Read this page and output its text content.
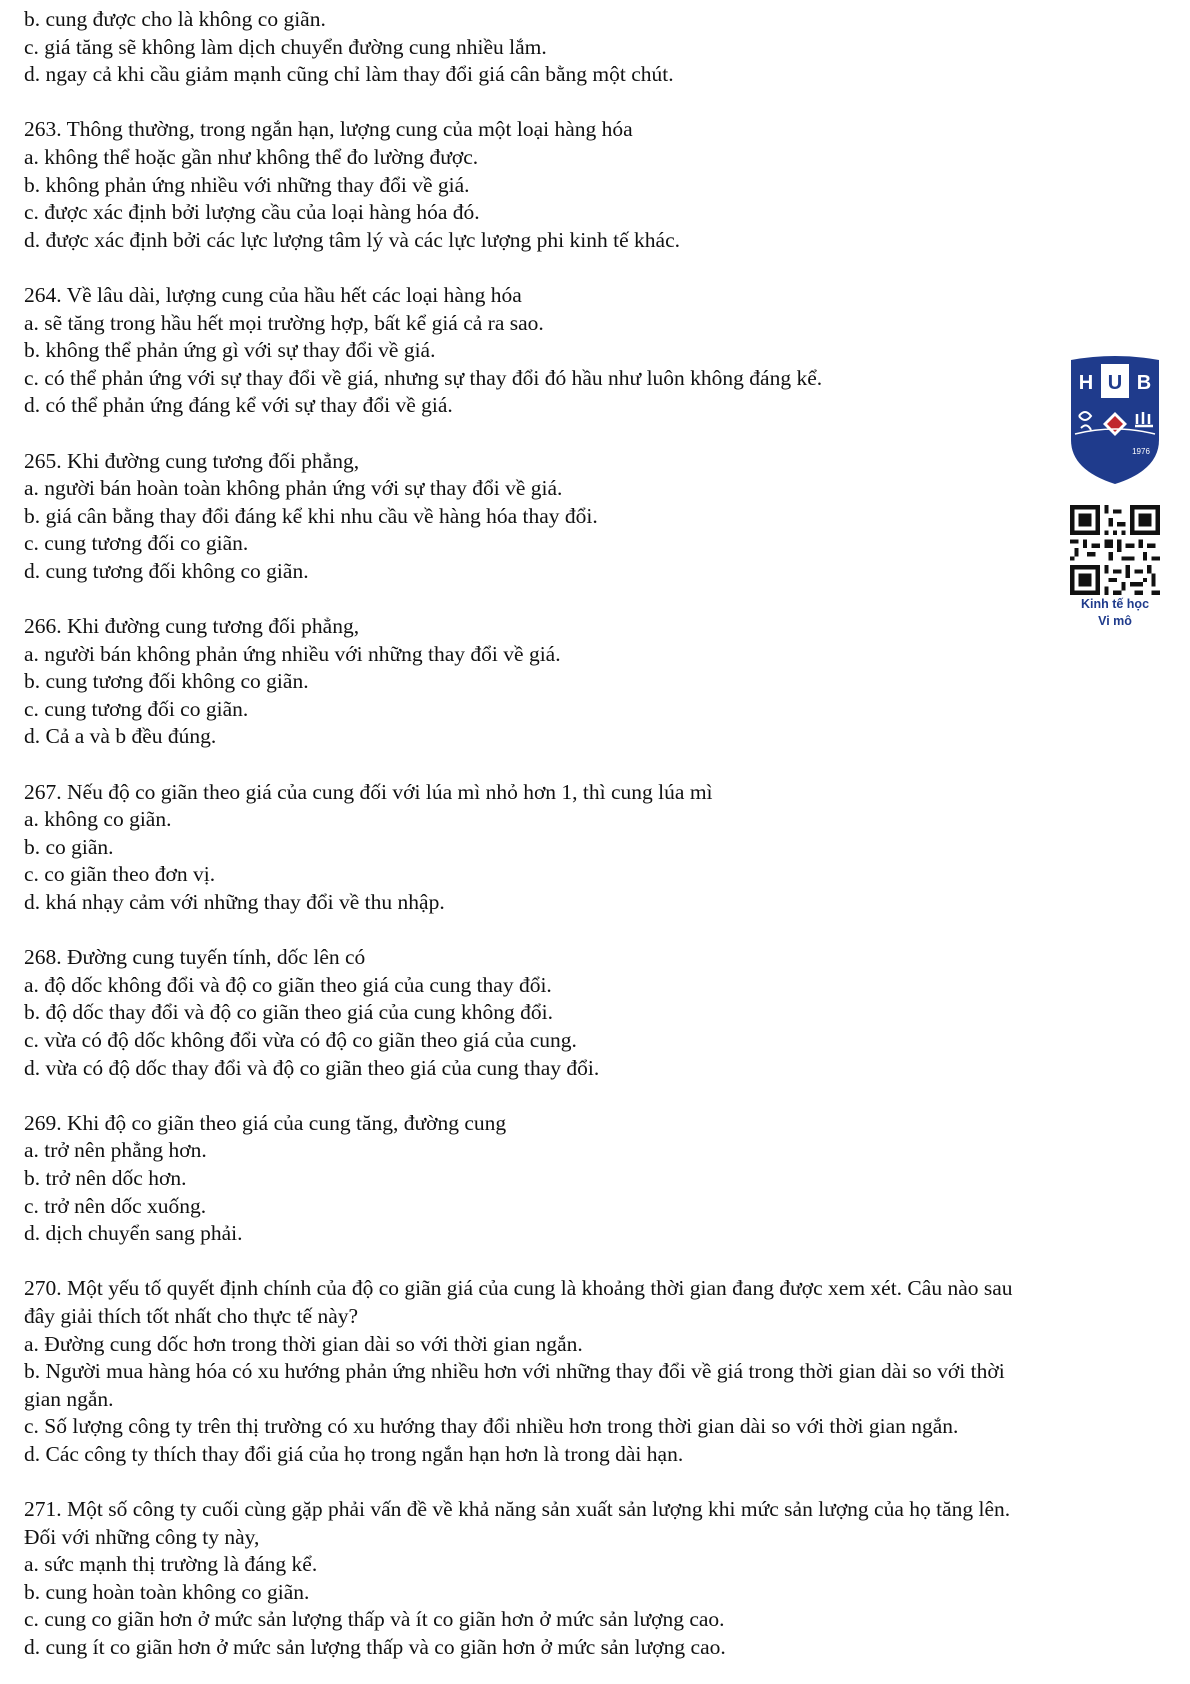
b. cung được cho là không co giãn.
c. giá tăng sẽ không làm dịch chuyển đường cung nhiều lắm.
d. ngay cả khi cầu giảm mạnh cũng chỉ làm thay đổi giá cân bằng một chút.
263. Thông thường, trong ngắn hạn, lượng cung của một loại hàng hóa
a. không thể hoặc gần như không thể đo lường được.
b. không phản ứng nhiều với những thay đổi về giá.
c. được xác định bởi lượng cầu của loại hàng hóa đó.
d. được xác định bởi các lực lượng tâm lý và các lực lượng phi kinh tế khác.
264. Về lâu dài, lượng cung của hầu hết các loại hàng hóa
a. sẽ tăng trong hầu hết mọi trường hợp, bất kể giá cả ra sao.
b. không thể phản ứng gì với sự thay đổi về giá.
c. có thể phản ứng với sự thay đổi về giá, nhưng sự thay đổi đó hầu như luôn không đáng kể.
d. có thể phản ứng đáng kể với sự thay đổi về giá.
265. Khi đường cung tương đối phẳng,
a. người bán hoàn toàn không phản ứng với sự thay đổi về giá.
b. giá cân bằng thay đổi đáng kể khi nhu cầu về hàng hóa thay đổi.
c. cung tương đối co giãn.
d. cung tương đối không co giãn.
266. Khi đường cung tương đối phẳng,
a. người bán không phản ứng nhiều với những thay đổi về giá.
b. cung tương đối không co giãn.
c. cung tương đối co giãn.
d. Cả a và b đều đúng.
267. Nếu độ co giãn theo giá của cung đối với lúa mì nhỏ hơn 1, thì cung lúa mì
a. không co giãn.
b. co giãn.
c. co giãn theo đơn vị.
d. khá nhạy cảm với những thay đổi về thu nhập.
268. Đường cung tuyến tính, dốc lên có
a. độ dốc không đổi và độ co giãn theo giá của cung thay đổi.
b. độ dốc thay đổi và độ co giãn theo giá của cung không đổi.
c. vừa có độ dốc không đổi vừa có độ co giãn theo giá của cung.
d. vừa có độ dốc thay đổi và độ co giãn theo giá của cung thay đổi.
269. Khi độ co giãn theo giá của cung tăng, đường cung
a. trở nên phẳng hơn.
b. trở nên dốc hơn.
c. trở nên dốc xuống.
d. dịch chuyển sang phải.
270. Một yếu tố quyết định chính của độ co giãn giá của cung là khoảng thời gian đang được xem xét. Câu nào sau
đây giải thích tốt nhất cho thực tế này?
a. Đường cung dốc hơn trong thời gian dài so với thời gian ngắn.
b. Người mua hàng hóa có xu hướng phản ứng nhiều hơn với những thay đổi về giá trong thời gian dài so với thời
gian ngắn.
c. Số lượng công ty trên thị trường có xu hướng thay đổi nhiều hơn trong thời gian dài so với thời gian ngắn.
d. Các công ty thích thay đổi giá của họ trong ngắn hạn hơn là trong dài hạn.
271. Một số công ty cuối cùng gặp phải vấn đề về khả năng sản xuất sản lượng khi mức sản lượng của họ tăng lên.
Đối với những công ty này,
a. sức mạnh thị trường là đáng kể.
b. cung hoàn toàn không co giãn.
c. cung co giãn hơn ở mức sản lượng thấp và ít co giãn hơn ở mức sản lượng cao.
d. cung ít co giãn hơn ở mức sản lượng thấp và co giãn hơn ở mức sản lượng cao.
H U B
1976
Kinh tế học
Vi mô
